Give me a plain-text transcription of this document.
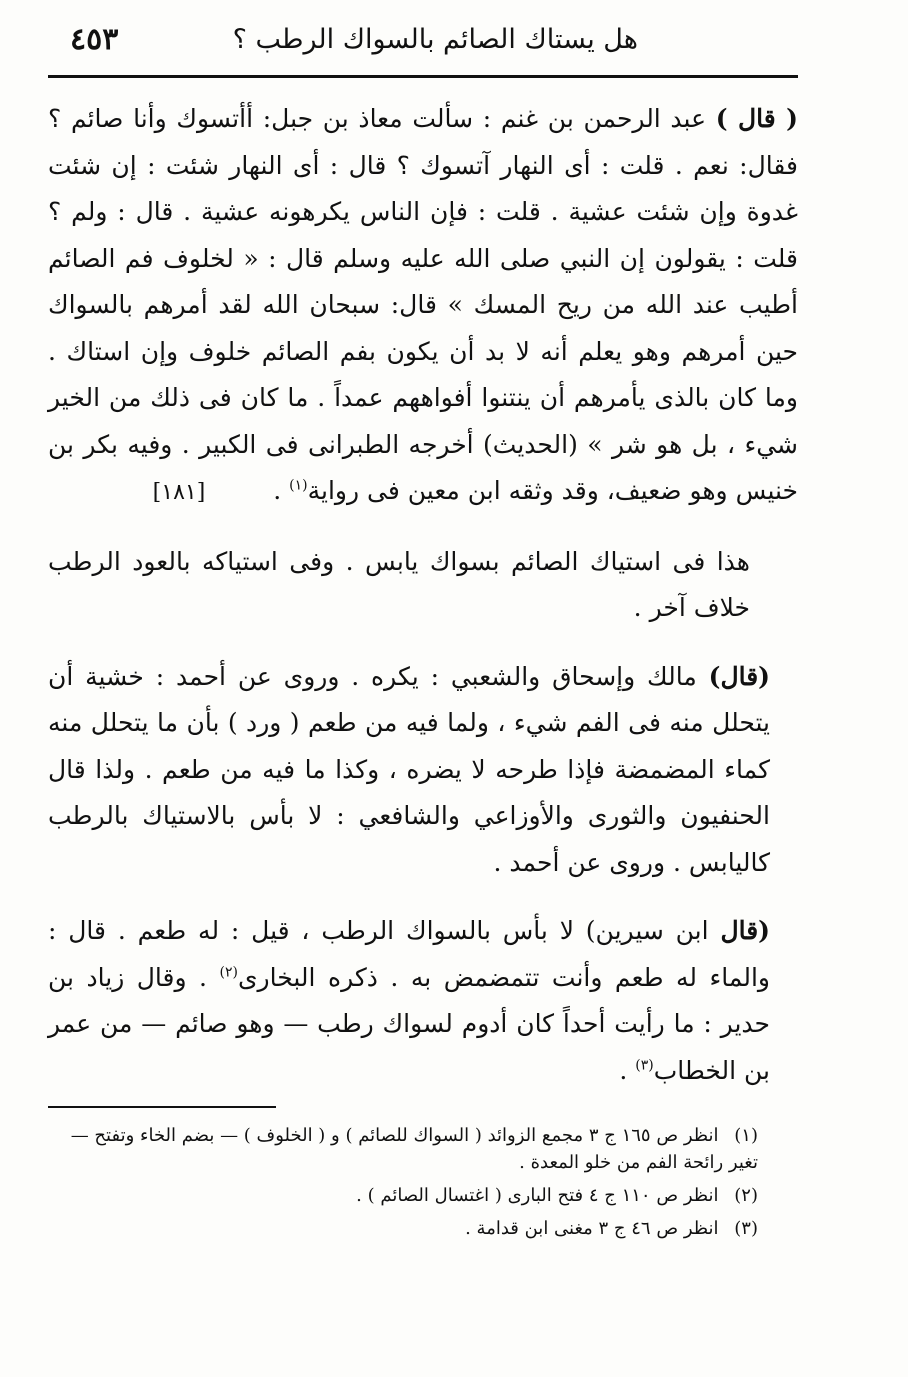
هل يستاك الصائم بالسواك الرطب ؟
٤٥٣

( قال ) عبد الرحمن بن غنم : سألت معاذ بن جبل: أأتسوك وأنا صائم ؟ فقال: نعم . قلت : أى النهار آتسوك ؟ قال : أى النهار شئت : إن شئت غدوة وإن شئت عشية . قلت : فإن الناس يكرهونه عشية . قال : ولم ؟ قلت : يقولون إن النبي صلى الله عليه وسلم قال : « لخلوف فم الصائم أطيب عند الله من ريح المسك » قال: سبحان الله لقد أمرهم بالسواك حين أمرهم وهو يعلم أنه لا بد أن يكون بفم الصائم خلوف وإن استاك . وما كان بالذى يأمرهم أن ينتنوا أفواههم عمداً . ما كان فى ذلك من الخير شيء ، بل هو شر » (الحديث) أخرجه الطبرانى فى الكبير . وفيه بكر بن خنيس وهو ضعيف، وقد وثقه ابن معين فى رواية$^{(١)}$ . [١٨١]

هذا فى استياك الصائم بسواك يابس . وفى استياكه بالعود الرطب خلاف آخر .

(قال) مالك وإسحاق والشعبي : يكره . وروى عن أحمد : خشية أن يتحلل منه فى الفم شيء ، ولما فيه من طعم ( ورد ) بأن ما يتحلل منه كماء المضمضة فإذا طرحه لا يضره ، وكذا ما فيه من طعم . ولذا قال الحنفيون والثورى والأوزاعي والشافعي : لا بأس بالاستياك بالرطب كاليابس . وروى عن أحمد .

(قال ابن سيرين) لا بأس بالسواك الرطب ، قيل : له طعم . قال : والماء له طعم وأنت تتمضمض به . ذكره البخارى$^{(٢)}$ . وقال زياد بن حدير : ما رأيت أحداً كان أدوم لسواك رطب — وهو صائم — من عمر بن الخطاب$^{(٣)}$ .

(١) انظر ص ١٦٥ ج ٣ مجمع الزوائد ( السواك للصائم ) و ( الخلوف ) — بضم الخاء وتفتح — تغير رائحة الفم من خلو المعدة .

(٢) انظر ص ١١٠ ج ٤ فتح البارى ( اغتسال الصائم ) .

(٣) انظر ص ٤٦ ج ٣ مغنى ابن قدامة .
